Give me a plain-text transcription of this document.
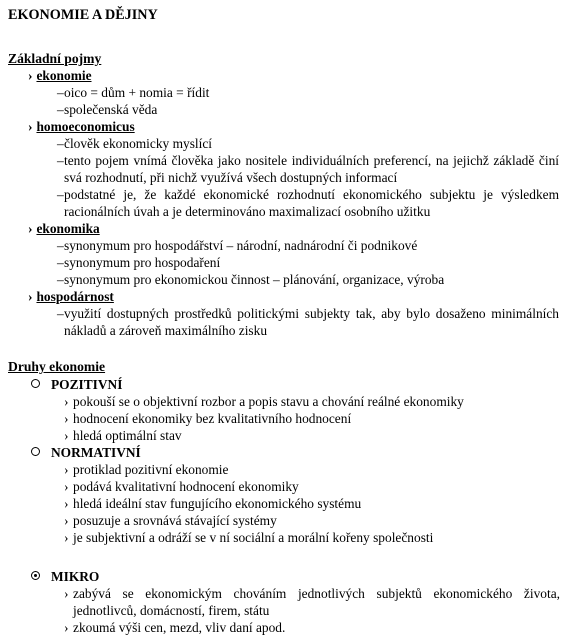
EKONOMIE A DĚJINY
Základní pojmy
› ekonomie
– oico = dům + nomia = řídit
– společenská věda
› homoeconomicus
– člověk ekonomicky myslící
– tento pojem vnímá člověka jako nositele individuálních preferencí, na jejichž základě činí svá rozhodnutí, při nichž využívá všech dostupných informací
– podstatné je, že každé ekonomické rozhodnutí ekonomického subjektu je výsledkem racionálních úvah a je determinováno maximalizací osobního užitku
› ekonomika
– synonymum pro hospodářství – národní, nadnárodní či podnikové
– synonymum pro hospodaření
– synonymum pro ekonomickou činnost – plánování, organizace, výroba
› hospodárnost
– využití dostupných prostředků politickými subjekty tak, aby bylo dosaženo minimálních nákladů a zároveň maximálního zisku
Druhy ekonomie
POZITIVNÍ
› pokouší se o objektivní rozbor a popis stavu a chování reálné ekonomiky
› hodnocení ekonomiky bez kvalitativního hodnocení
› hledá optimální stav
NORMATIVNÍ
› protiklad pozitivní ekonomie
› podává kvalitativní hodnocení ekonomiky
› hledá ideální stav fungujícího ekonomického systému
› posuzuje a srovnává stávající systémy
› je subjektivní a odráží se v ní sociální a morální kořeny společnosti
MIKRO
› zabývá se ekonomickým chováním jednotlivých subjektů ekonomického života, jednotlivců, domácností, firem, státu
› zkoumá výši cen, mezd, vliv daní apod.
